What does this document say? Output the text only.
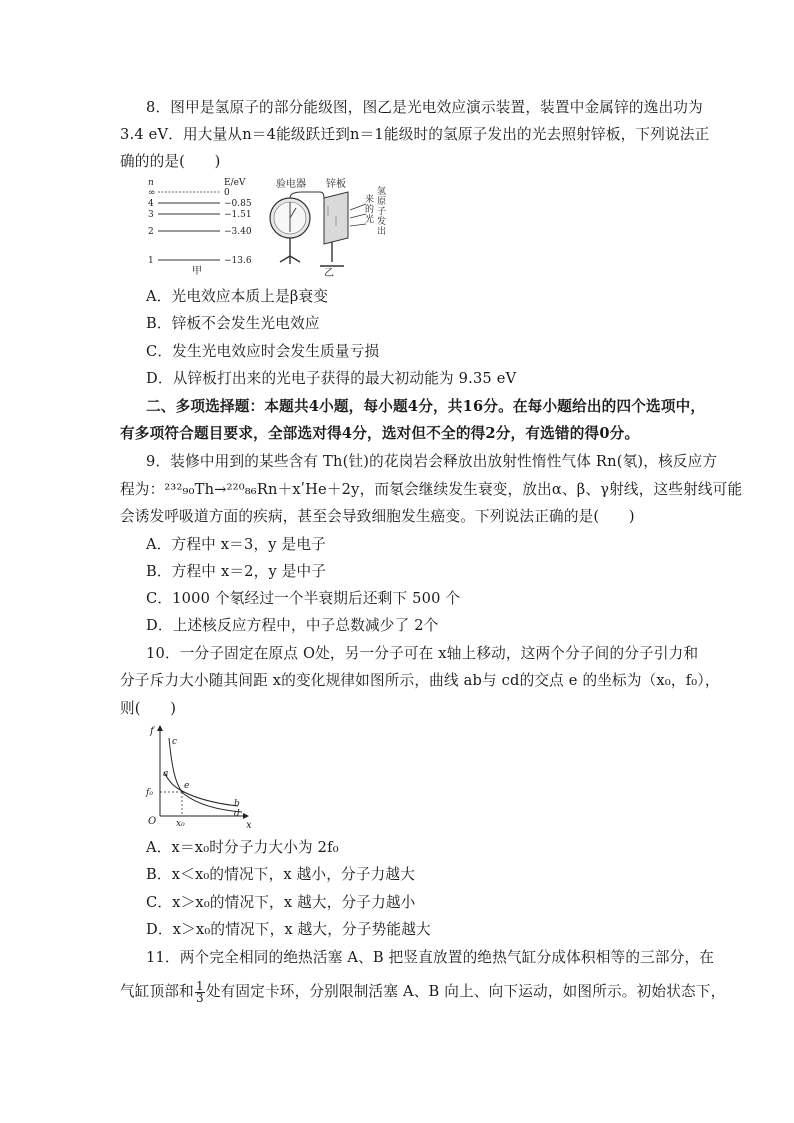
8．图甲是氢原子的部分能级图，图乙是光电效应演示装置，装置中金属锌的逸出功为
3.4 eV．用大量从n＝4能级跃迁到n＝1能级时的氢原子发出的光去照射锌板，下列说法正
确的的是(　　)
n	E/eV
∞	0
4	−0.85
3	−1.51
2	−3.40
1	−13.6
甲
验电器 锌板
来
的
光
氢
原
子
发
出
乙
A．光电效应本质上是β衰变
B．锌板不会发生光电效应
C．发生光电效应时会发生质量亏损
D．从锌板打出来的光电子获得的最大初动能为 9.35 eV
二、多项选择题：本题共4小题，每小题4分，共16分。在每小题给出的四个选项中，
有多项符合题目要求，全部选对得4分，选对但不全的得2分，有选错的得0分。
9．装修中用到的某些含有 Th(钍)的花岗岩会释放出放射性惰性气体 Rn(氡)，核反应方
程为：²³²₉₀Th→²²⁰₈₆Rn＋xʹHe＋2y，而氡会继续发生衰变，放出α、β、γ射线，这些射线可能
会诱发呼吸道方面的疾病，甚至会导致细胞发生癌变。下列说法正确的是(　　)
A．方程中 x＝3，y 是电子
B．方程中 x＝2，y 是中子
C．1000 个氡经过一个半衰期后还剩下 500 个
D．上述核反应方程中，中子总数减少了 2个
10．一分子固定在原点 O处，另一分子可在 x轴上移动，这两个分子间的分子引力和
分子斥力大小随其间距 x的变化规律如图所示，曲线 ab与 cd的交点 e 的坐标为（x₀，f₀），
则(　　)
f
x
O
c
a
e
f₀
x₀
b
d
A．x＝x₀时分子力大小为 2f₀
B．x＜x₀的情况下，x 越小，分子力越大
C．x＞x₀的情况下，x 越大，分子力越小
D．x＞x₀的情况下，x 越大，分子势能越大
11．两个完全相同的绝热活塞 A、B 把竖直放置的绝热气缸分成体积相等的三部分，在
气缸顶部和 $\frac{1}{3}$ 处有固定卡环，分别限制活塞 A、B 向上、向下运动，如图所示。初始状态下，
